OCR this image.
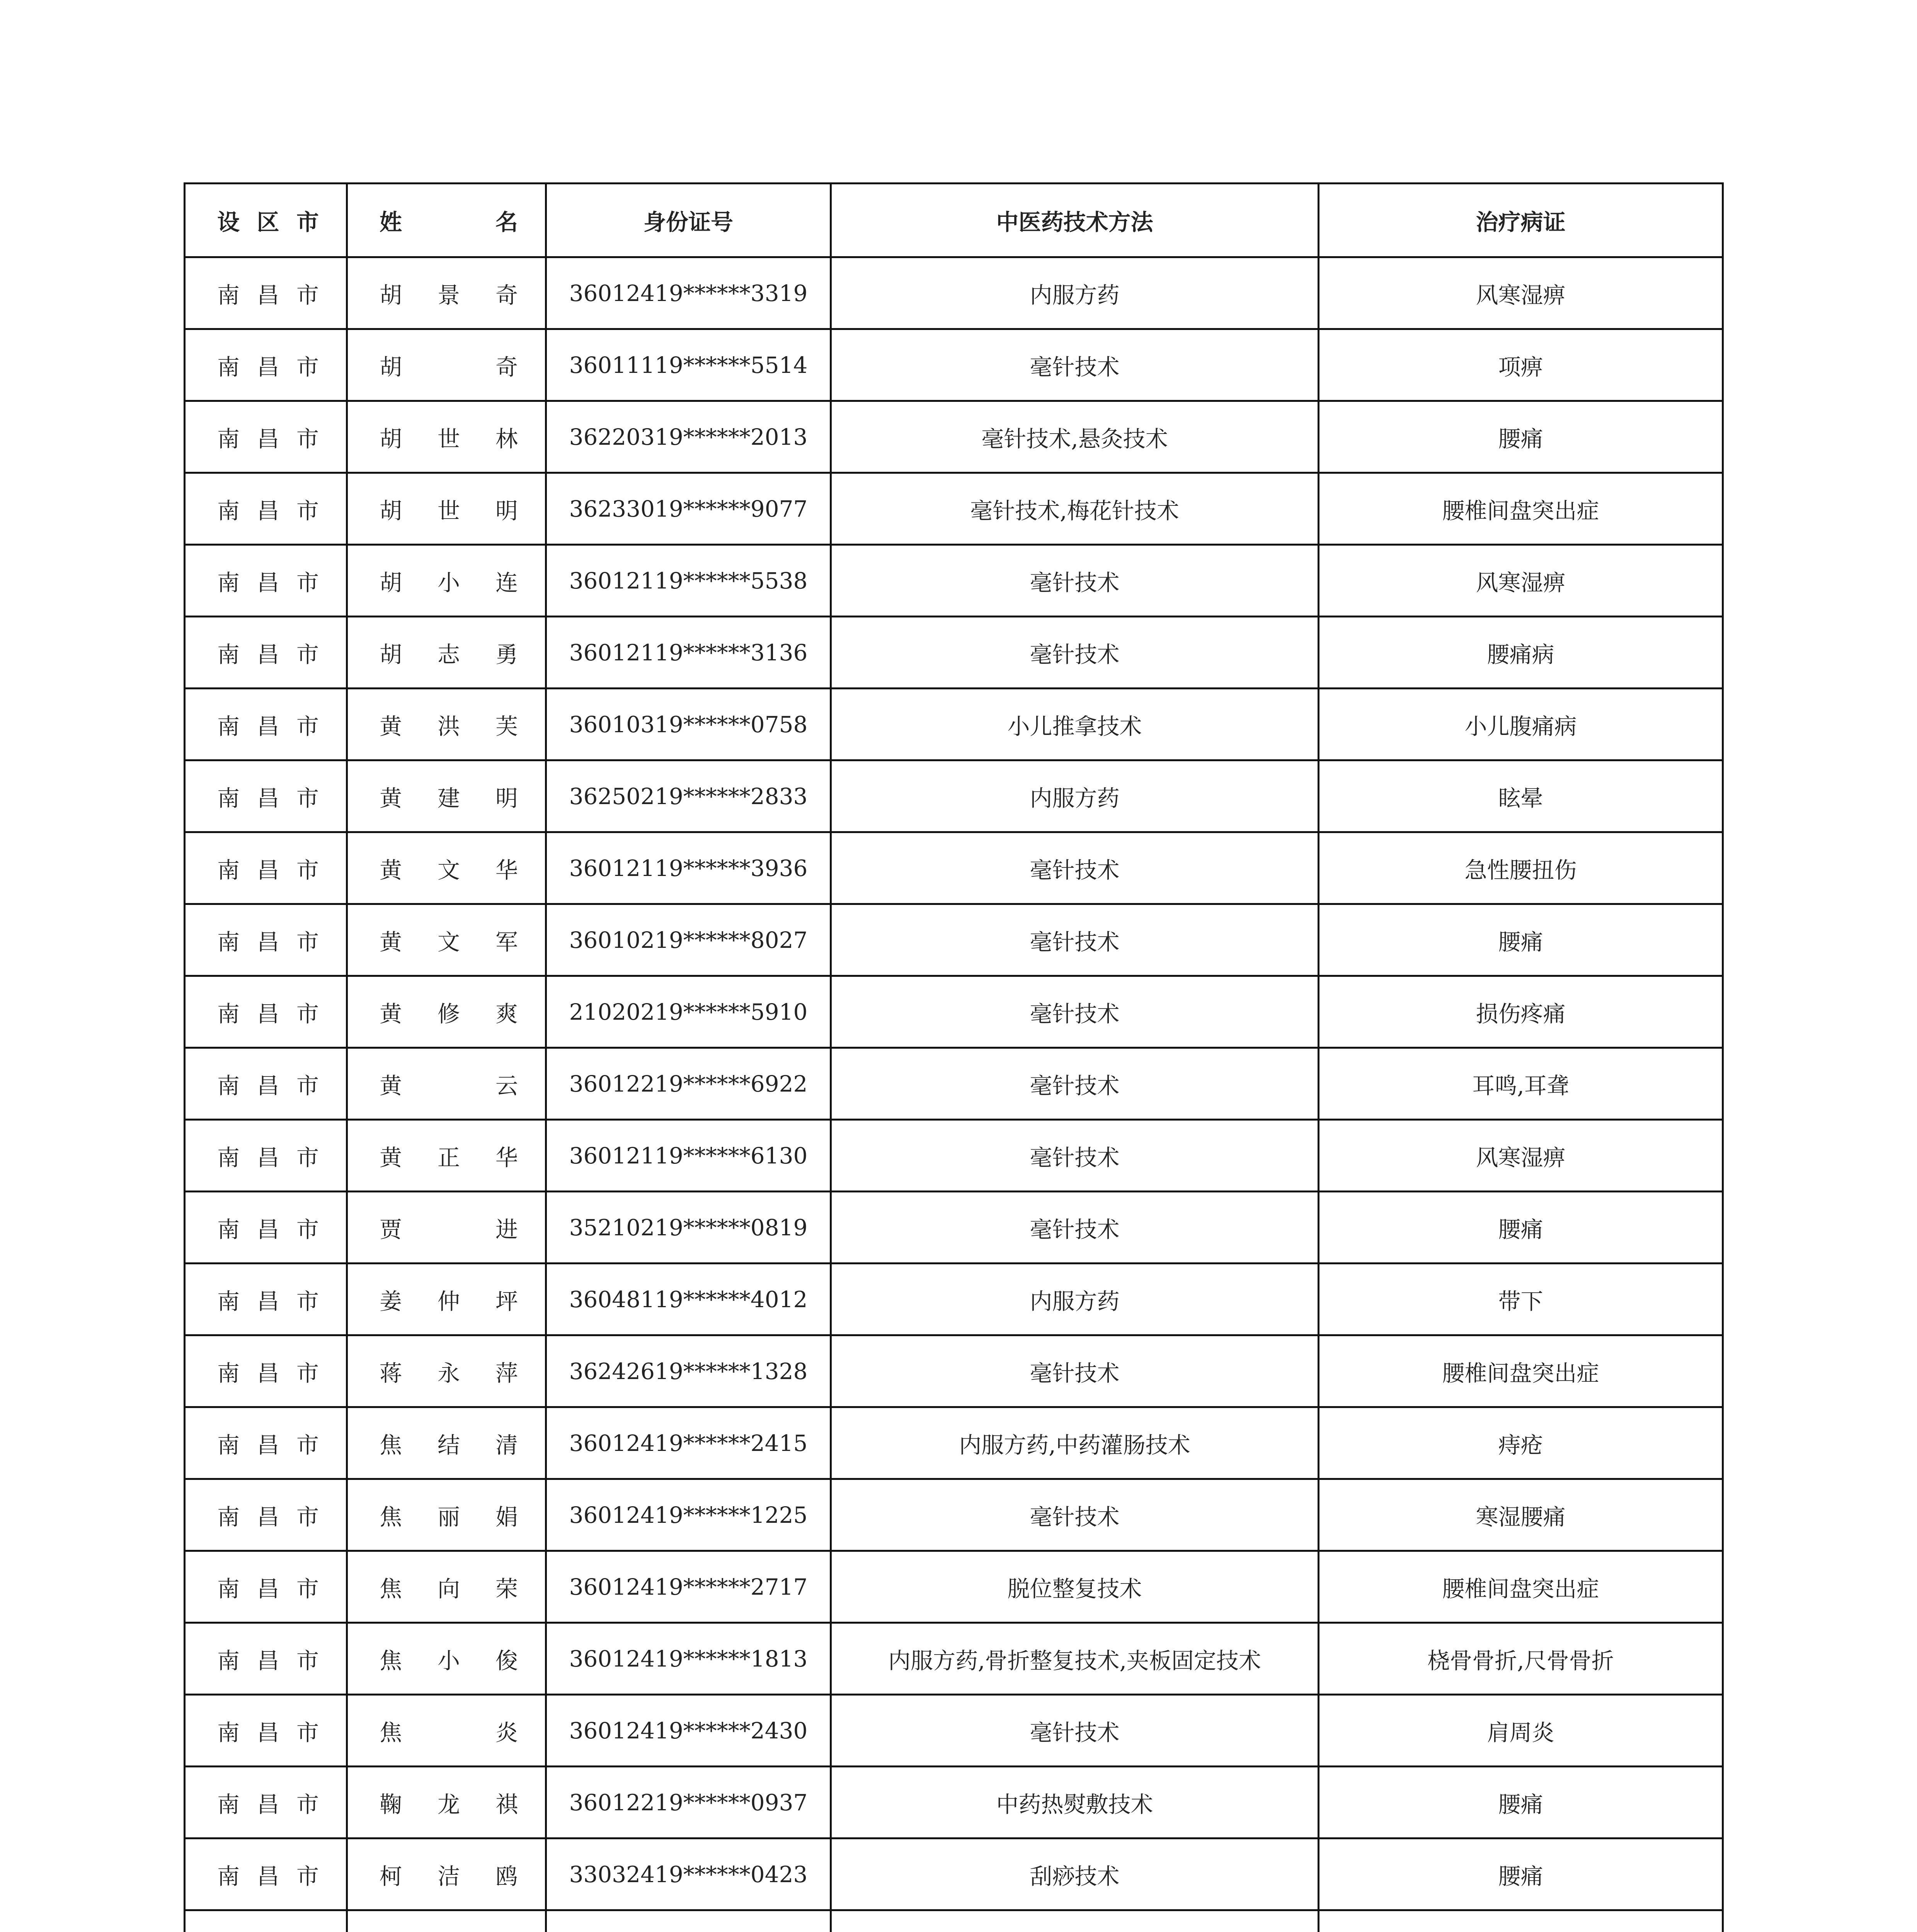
设 区 市	姓 名	身份证号	中医药技术方法	治疗病证

南 昌 市	胡 景 奇	36012419******3319	内服方药	风寒湿痹

南 昌 市	胡 奇	36011119******5514	毫针技术	项痹

南 昌 市	胡 世 林	36220319******2013	毫针技术,悬灸技术	腰痛

南 昌 市	胡 世 明	36233019******9077	毫针技术,梅花针技术	腰椎间盘突出症

南 昌 市	胡 小 连	36012119******5538	毫针技术	风寒湿痹

南 昌 市	胡 志 勇	36012119******3136	毫针技术	腰痛病

南 昌 市	黄 洪 芙	36010319******0758	小儿推拿技术	小儿腹痛病

南 昌 市	黄 建 明	36250219******2833	内服方药	眩晕

南 昌 市	黄 文 华	36012119******3936	毫针技术	急性腰扭伤

南 昌 市	黄 文 军	36010219******8027	毫针技术	腰痛

南 昌 市	黄 修 爽	21020219******5910	毫针技术	损伤疼痛

南 昌 市	黄 云	36012219******6922	毫针技术	耳鸣,耳聋

南 昌 市	黄 正 华	36012119******6130	毫针技术	风寒湿痹

南 昌 市	贾 进	35210219******0819	毫针技术	腰痛

南 昌 市	姜 仲 坪	36048119******4012	内服方药	带下

南 昌 市	蒋 永 萍	36242619******1328	毫针技术	腰椎间盘突出症

南 昌 市	焦 结 清	36012419******2415	内服方药,中药灌肠技术	痔疮

南 昌 市	焦 丽 娟	36012419******1225	毫针技术	寒湿腰痛

南 昌 市	焦 向 荣	36012419******2717	脱位整复技术	腰椎间盘突出症

南 昌 市	焦 小 俊	36012419******1813	内服方药,骨折整复技术,夹板固定技术	桡骨骨折,尺骨骨折

南 昌 市	焦 炎	36012419******2430	毫针技术	肩周炎

南 昌 市	鞠 龙 祺	36012219******0937	中药热熨敷技术	腰痛

南 昌 市	柯 洁 鸥	33032419******0423	刮痧技术	腰痛
